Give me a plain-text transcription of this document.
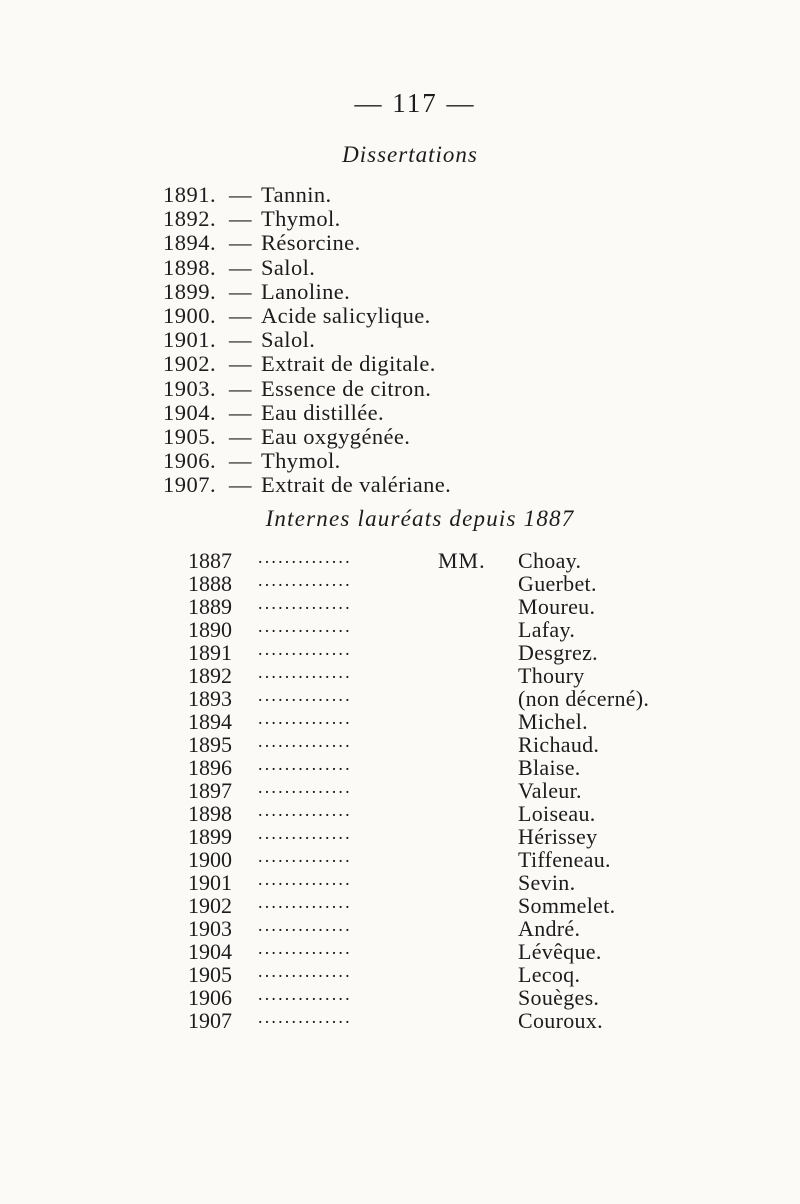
— 117 —
Dissertations
1891. — Tannin.
1892. — Thymol.
1894. — Résorcine.
1898. — Salol.
1899. — Lanoline.
1900. — Acide salicylique.
1901. — Salol.
1902. — Extrait de digitale.
1903. — Essence de citron.
1904. — Eau distillée.
1905. — Eau oxgygénée.
1906. — Thymol.
1907. — Extrait de valériane.
Internes lauréats depuis 1887
1887 ..............	MM. Choay.
1888 ..............	Guerbet.
1889 ..............	Moureu.
1890 ..............	Lafay.
1891 ..............	Desgrez.
1892 ..............	Thoury
1893 ..............	(non décerné).
1894 ..............	Michel.
1895 ..............	Richaud.
1896 ..............	Blaise.
1897 ..............	Valeur.
1898 ..............	Loiseau.
1899 ..............	Hérissey
1900 ..............	Tiffeneau.
1901 ..............	Sevin.
1902 ..............	Sommelet.
1903 ..............	André.
1904 ..............	Lévêque.
1905 ..............	Lecoq.
1906 ..............	Souèges.
1907 ..............	Couroux.
